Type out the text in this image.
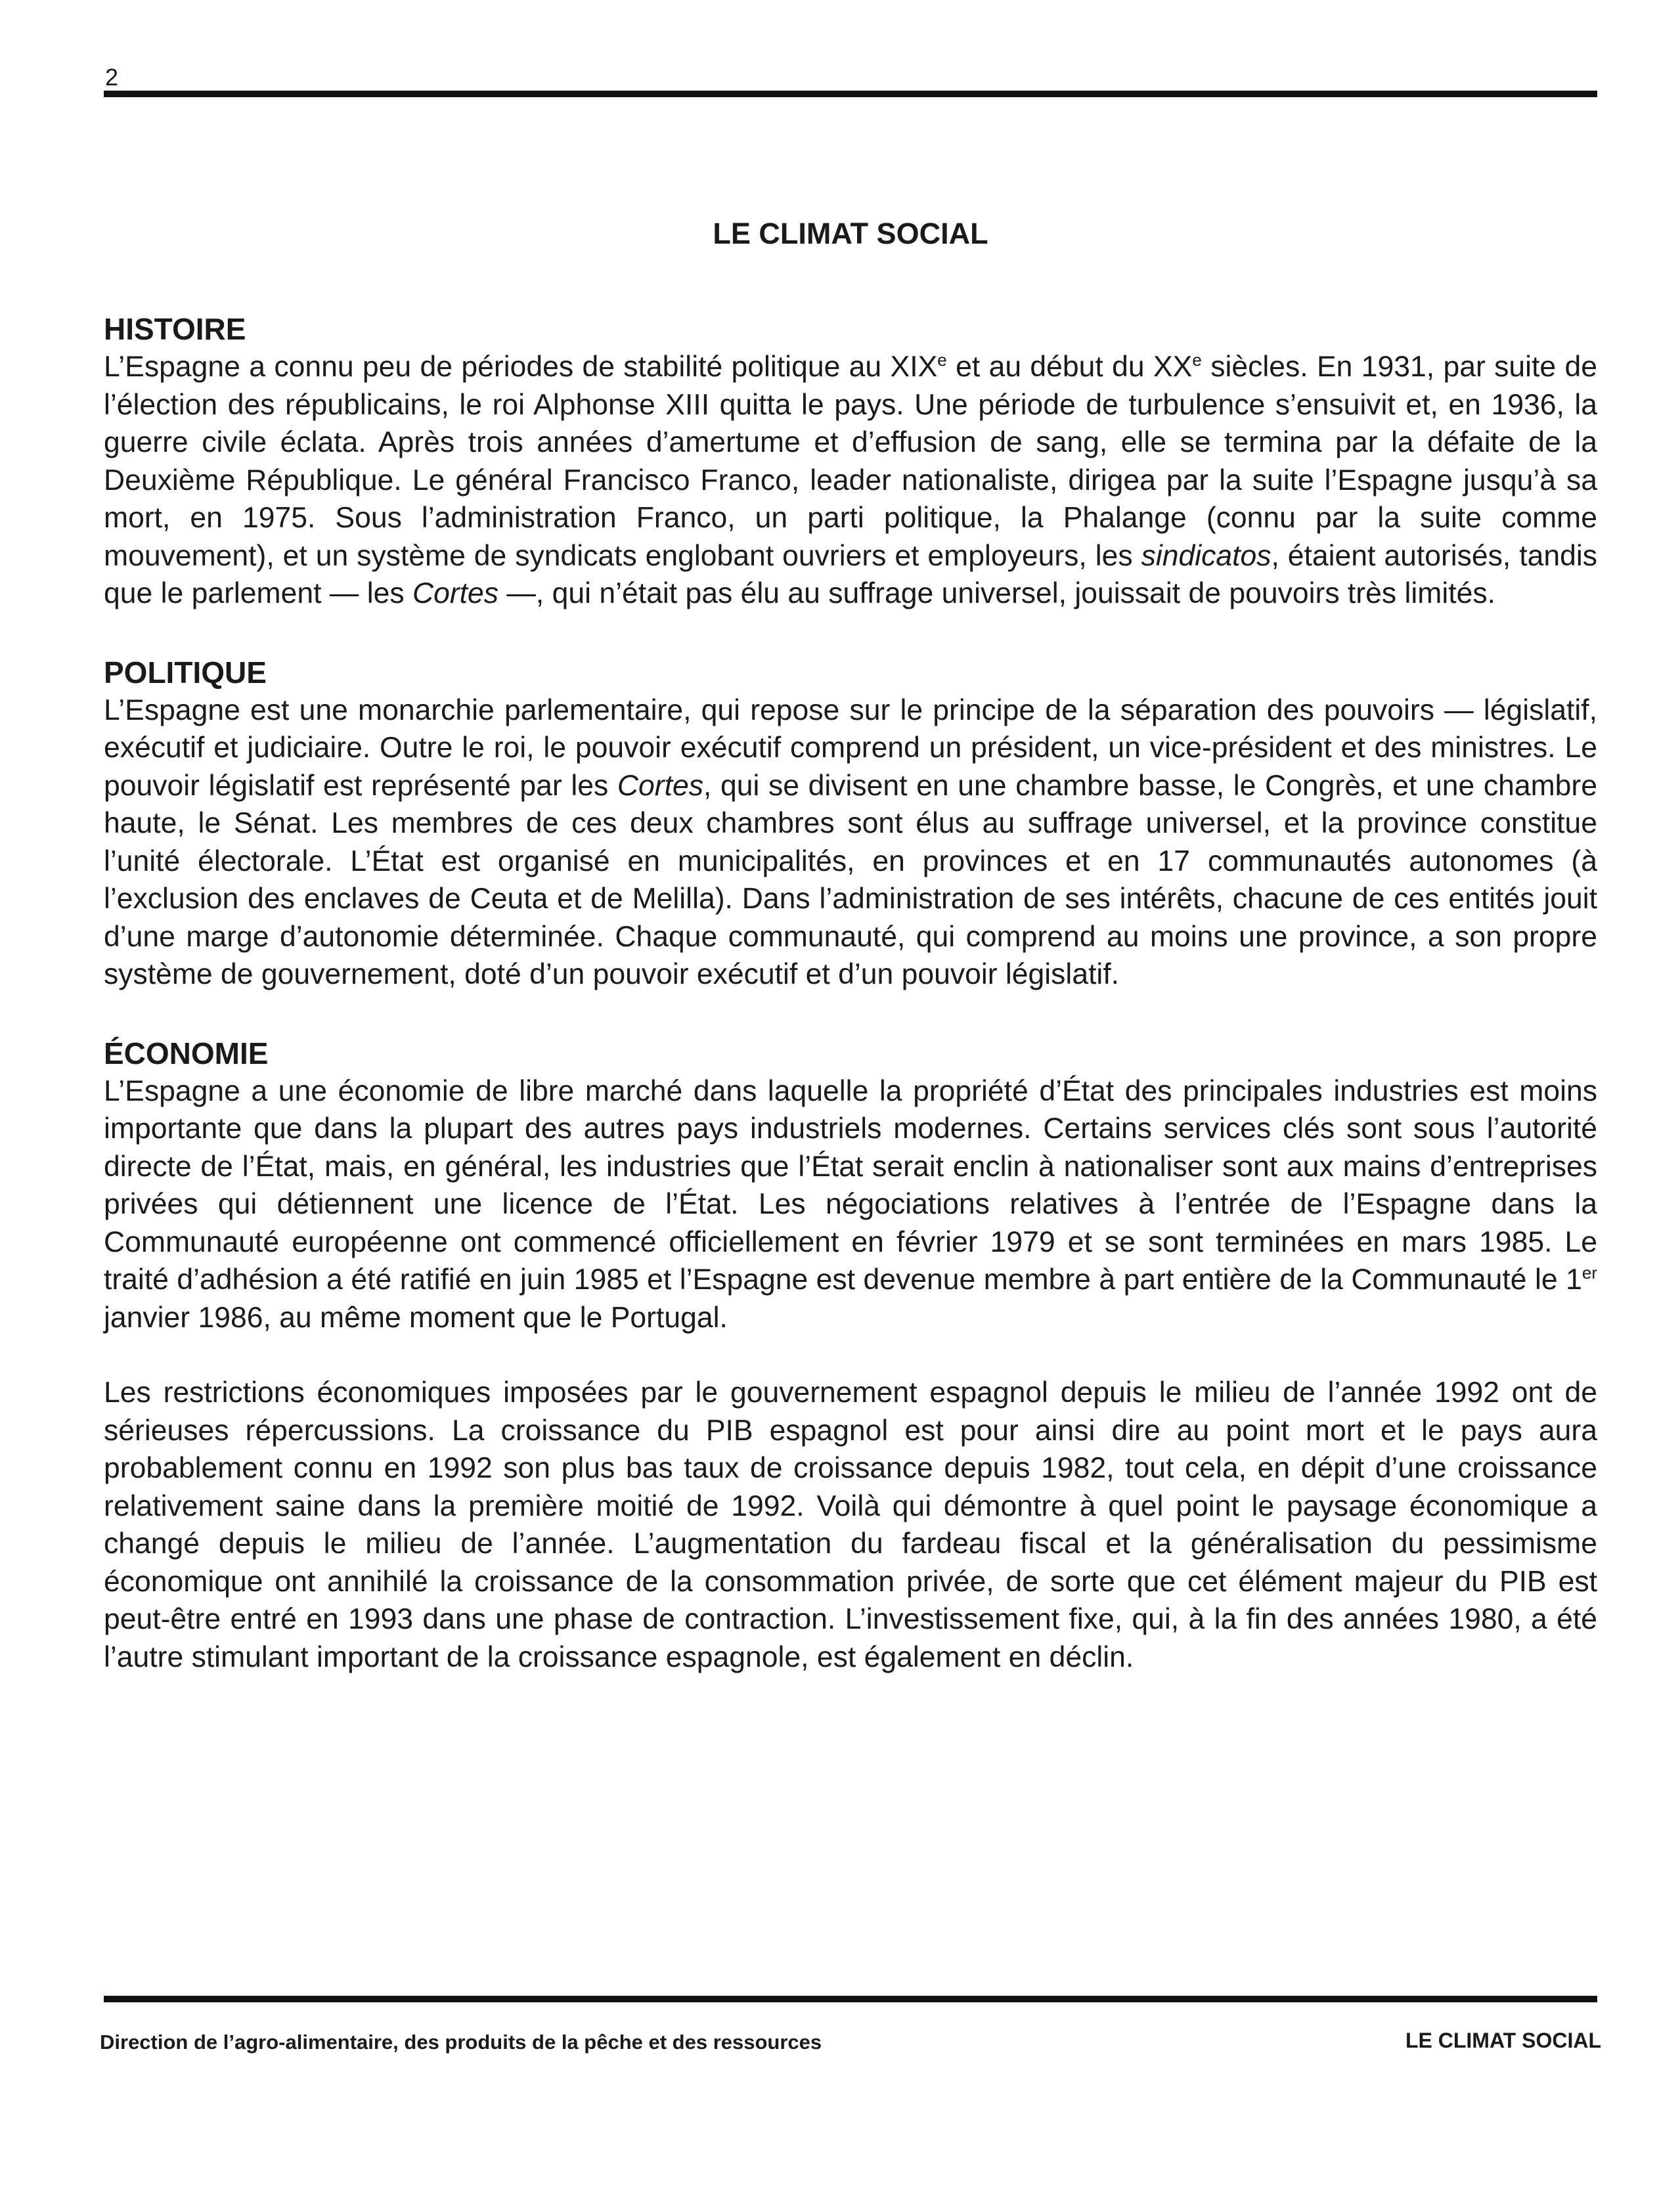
2
LE CLIMAT SOCIAL
HISTOIRE

L’Espagne a connu peu de périodes de stabilité politique au XIXe et au début du XXe siècles. En 1931, par suite de l’élection des républicains, le roi Alphonse XIII quitta le pays. Une période de turbulence s’ensuivit et, en 1936, la guerre civile éclata. Après trois années d’amertume et d’effusion de sang, elle se termina par la défaite de la Deuxième République. Le général Francisco Franco, leader nationaliste, dirigea par la suite l’Espagne jusqu’à sa mort, en 1975. Sous l’administration Franco, un parti politique, la Phalange (connu par la suite comme mouvement), et un système de syndicats englobant ouvriers et employeurs, les sindicatos, étaient autorisés, tandis que le parlement — les Cortes —, qui n’était pas élu au suffrage universel, jouissait de pouvoirs très limités.

POLITIQUE

L’Espagne est une monarchie parlementaire, qui repose sur le principe de la séparation des pouvoirs — législatif, exécutif et judiciaire. Outre le roi, le pouvoir exécutif comprend un président, un vice-président et des ministres. Le pouvoir législatif est représenté par les Cortes, qui se divisent en une chambre basse, le Congrès, et une chambre haute, le Sénat. Les membres de ces deux chambres sont élus au suffrage universel, et la province constitue l’unité électorale. L’État est organisé en municipalités, en provinces et en 17 communautés autonomes (à l’exclusion des enclaves de Ceuta et de Melilla). Dans l’administration de ses intérêts, chacune de ces entités jouit d’une marge d’autonomie déterminée. Chaque communauté, qui comprend au moins une province, a son propre système de gouvernement, doté d’un pouvoir exécutif et d’un pouvoir législatif.

ÉCONOMIE

L’Espagne a une économie de libre marché dans laquelle la propriété d’État des principales industries est moins importante que dans la plupart des autres pays industriels modernes. Certains services clés sont sous l’autorité directe de l’État, mais, en général, les industries que l’État serait enclin à nationaliser sont aux mains d’entreprises privées qui détiennent une licence de l’État. Les négociations relatives à l’entrée de l’Espagne dans la Communauté européenne ont commencé officiellement en février 1979 et se sont terminées en mars 1985. Le traité d’adhésion a été ratifié en juin 1985 et l’Espagne est devenue membre à part entière de la Communauté le 1er janvier 1986, au même moment que le Portugal.

Les restrictions économiques imposées par le gouvernement espagnol depuis le milieu de l’année 1992 ont de sérieuses répercussions. La croissance du PIB espagnol est pour ainsi dire au point mort et le pays aura probablement connu en 1992 son plus bas taux de croissance depuis 1982, tout cela, en dépit d’une croissance relativement saine dans la première moitié de 1992. Voilà qui démontre à quel point le paysage économique a changé depuis le milieu de l’année. L’augmentation du fardeau fiscal et la généralisation du pessimisme économique ont annihilé la croissance de la consommation privée, de sorte que cet élément majeur du PIB est peut-être entré en 1993 dans une phase de contraction. L’investissement fixe, qui, à la fin des années 1980, a été l’autre stimulant important de la croissance espagnole, est également en déclin.

Direction de l’agro-alimentaire, des produits de la pêche et des ressources	LE CLIMAT SOCIAL
